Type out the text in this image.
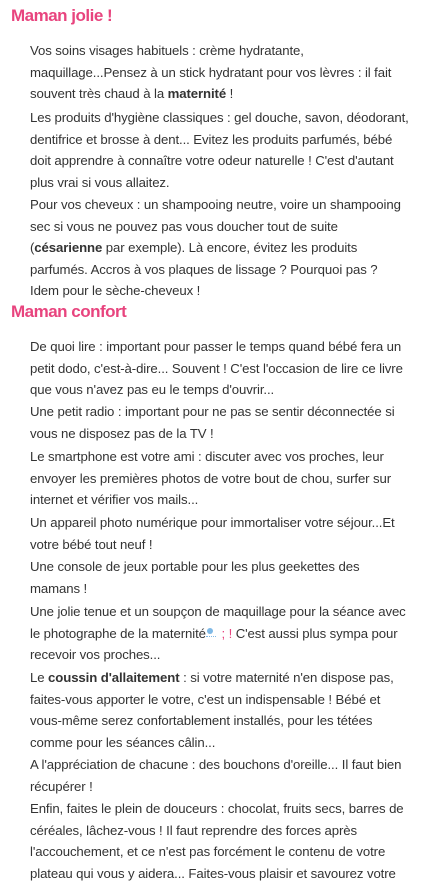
Maman jolie !

Vos soins visages habituels : crème hydratante,
maquillage...Pensez à un stick hydratant pour vos lèvres : il fait
souvent très chaud à la maternité !

Les produits d'hygiène classiques : gel douche, savon, déodorant,
dentifrice et brosse à dent... Evitez les produits parfumés, bébé
doit apprendre à connaître votre odeur naturelle ! C'est d'autant
plus vrai si vous allaitez.

Pour vos cheveux : un shampooing neutre, voire un shampooing
sec si vous ne pouvez pas vous doucher tout de suite
(césarienne par exemple). Là encore, évitez les produits
parfumés. Accros à vos plaques de lissage ? Pourquoi pas ?
Idem pour le sèche-cheveux !

Maman confort

De quoi lire : important pour passer le temps quand bébé fera un
petit dodo, c'est-à-dire... Souvent ! C'est l'occasion de lire ce livre
que vous n'avez pas eu le temps d'ouvrir...

Une petit radio : important pour ne pas se sentir déconnectée si
vous ne disposez pas de la TV !

Le smartphone est votre ami : discuter avec vos proches, leur
envoyer les premières photos de votre bout de chou, surfer sur
internet et vérifier vos mails...

Un appareil photo numérique pour immortaliser votre séjour...Et
votre bébé tout neuf !

Une console de jeux portable pour les plus geekettes des
mamans !

Une jolie tenue et un soupçon de maquillage pour la séance avec
le photographe de la maternité
; ! C'est aussi plus sympa pour
recevoir vos proches...

Le coussin d'allaitement : si votre maternité n'en dispose pas,
faites-vous apporter le votre, c'est un indispensable ! Bébé et
vous-même serez confortablement installés, pour les tétées
comme pour les séances câlin...

A l'appréciation de chacune : des bouchons d'oreille... Il faut bien
récupérer !

Enfin, faites le plein de douceurs : chocolat, fruits secs, barres de
céréales, lâchez-vous ! Il faut reprendre des forces après
l'accouchement, et ce n'est pas forcément le contenu de votre
plateau qui vous y aidera... Faites-vous plaisir et savourez votre
